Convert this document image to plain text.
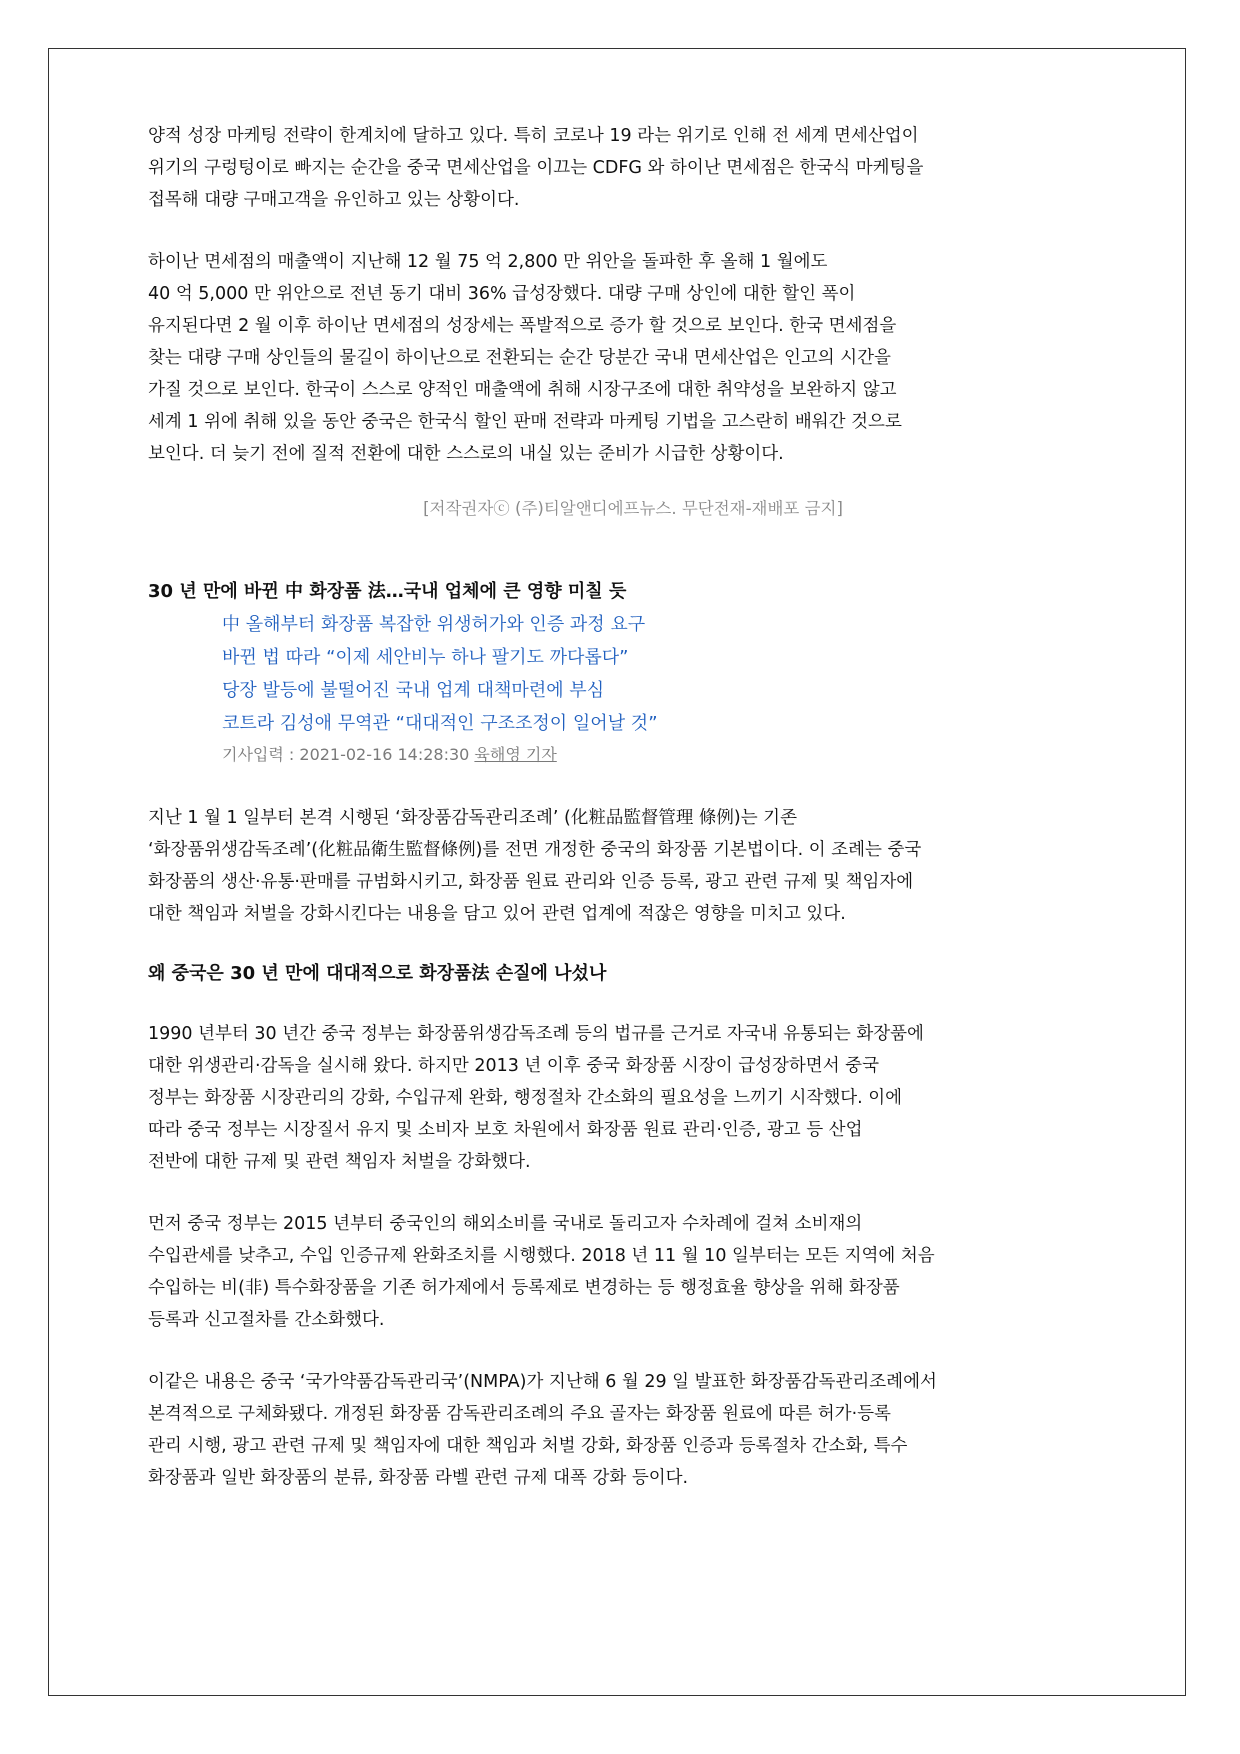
양적 성장 마케팅 전략이 한계치에 달하고 있다. 특히 코로나 19 라는 위기로 인해 전 세계 면세산업이
위기의 구렁텅이로 빠지는 순간을 중국 면세산업을 이끄는 CDFG 와 하이난 면세점은 한국식 마케팅을
접목해 대량 구매고객을 유인하고 있는 상황이다.
하이난 면세점의 매출액이 지난해 12 월 75 억 2,800 만 위안을 돌파한 후 올해 1 월에도
40 억 5,000 만 위안으로 전년 동기 대비 36% 급성장했다. 대량 구매 상인에 대한 할인 폭이
유지된다면 2 월 이후 하이난 면세점의 성장세는 폭발적으로 증가 할 것으로 보인다. 한국 면세점을
찾는 대량 구매 상인들의 물길이 하이난으로 전환되는 순간 당분간 국내 면세산업은 인고의 시간을
가질 것으로 보인다. 한국이 스스로 양적인 매출액에 취해 시장구조에 대한 취약성을 보완하지 않고
세계 1 위에 취해 있을 동안 중국은 한국식 할인 판매 전략과 마케팅 기법을 고스란히 배워간 것으로
보인다. 더 늦기 전에 질적 전환에 대한 스스로의 내실 있는 준비가 시급한 상황이다.
[저작권자ⓒ (주)티알앤디에프뉴스. 무단전재-재배포 금지]
30 년 만에 바뀐 中 화장품 法…국내 업체에 큰 영향 미칠 듯
中 올해부터 화장품 복잡한 위생허가와 인증 과정 요구
바뀐 법 따라 “이제 세안비누 하나 팔기도 까다롭다”
당장 발등에 불떨어진 국내 업계 대책마련에 부심
코트라 김성애 무역관 “대대적인 구조조정이 일어날 것”
기사입력 : 2021-02-16 14:28:30 육해영 기자
지난 1 월 1 일부터 본격 시행된 ‘화장품감독관리조례’ (化粧品監督管理 條例)는 기존
‘화장품위생감독조례’(化粧品衛生監督條例)를 전면 개정한 중국의 화장품 기본법이다. 이 조례는 중국
화장품의 생산·유통·판매를 규범화시키고, 화장품 원료 관리와 인증 등록, 광고 관련 규제 및 책임자에
대한 책임과 처벌을 강화시킨다는 내용을 담고 있어 관련 업계에 적잖은 영향을 미치고 있다.
왜 중국은 30 년 만에 대대적으로 화장품法 손질에 나섰나
1990 년부터 30 년간 중국 정부는 화장품위생감독조례 등의 법규를 근거로 자국내 유통되는 화장품에
대한 위생관리·감독을 실시해 왔다. 하지만 2013 년 이후 중국 화장품 시장이 급성장하면서 중국
정부는 화장품 시장관리의 강화, 수입규제 완화, 행정절차 간소화의 필요성을 느끼기 시작했다. 이에
따라 중국 정부는 시장질서 유지 및 소비자 보호 차원에서 화장품 원료 관리·인증, 광고 등 산업
전반에 대한 규제 및 관련 책임자 처벌을 강화했다.
먼저 중국 정부는 2015 년부터 중국인의 해외소비를 국내로 돌리고자 수차례에 걸쳐 소비재의
수입관세를 낮추고, 수입 인증규제 완화조치를 시행했다. 2018 년 11 월 10 일부터는 모든 지역에 처음
수입하는 비(非) 특수화장품을 기존 허가제에서 등록제로 변경하는 등 행정효율 향상을 위해 화장품
등록과 신고절차를 간소화했다.
이같은 내용은 중국 ‘국가약품감독관리국’(NMPA)가 지난해 6 월 29 일 발표한 화장품감독관리조례에서
본격적으로 구체화됐다. 개정된 화장품 감독관리조례의 주요 골자는 화장품 원료에 따른 허가·등록
관리 시행, 광고 관련 규제 및 책임자에 대한 책임과 처벌 강화, 화장품 인증과 등록절차 간소화, 특수
화장품과 일반 화장품의 분류, 화장품 라벨 관련 규제 대폭 강화 등이다.
